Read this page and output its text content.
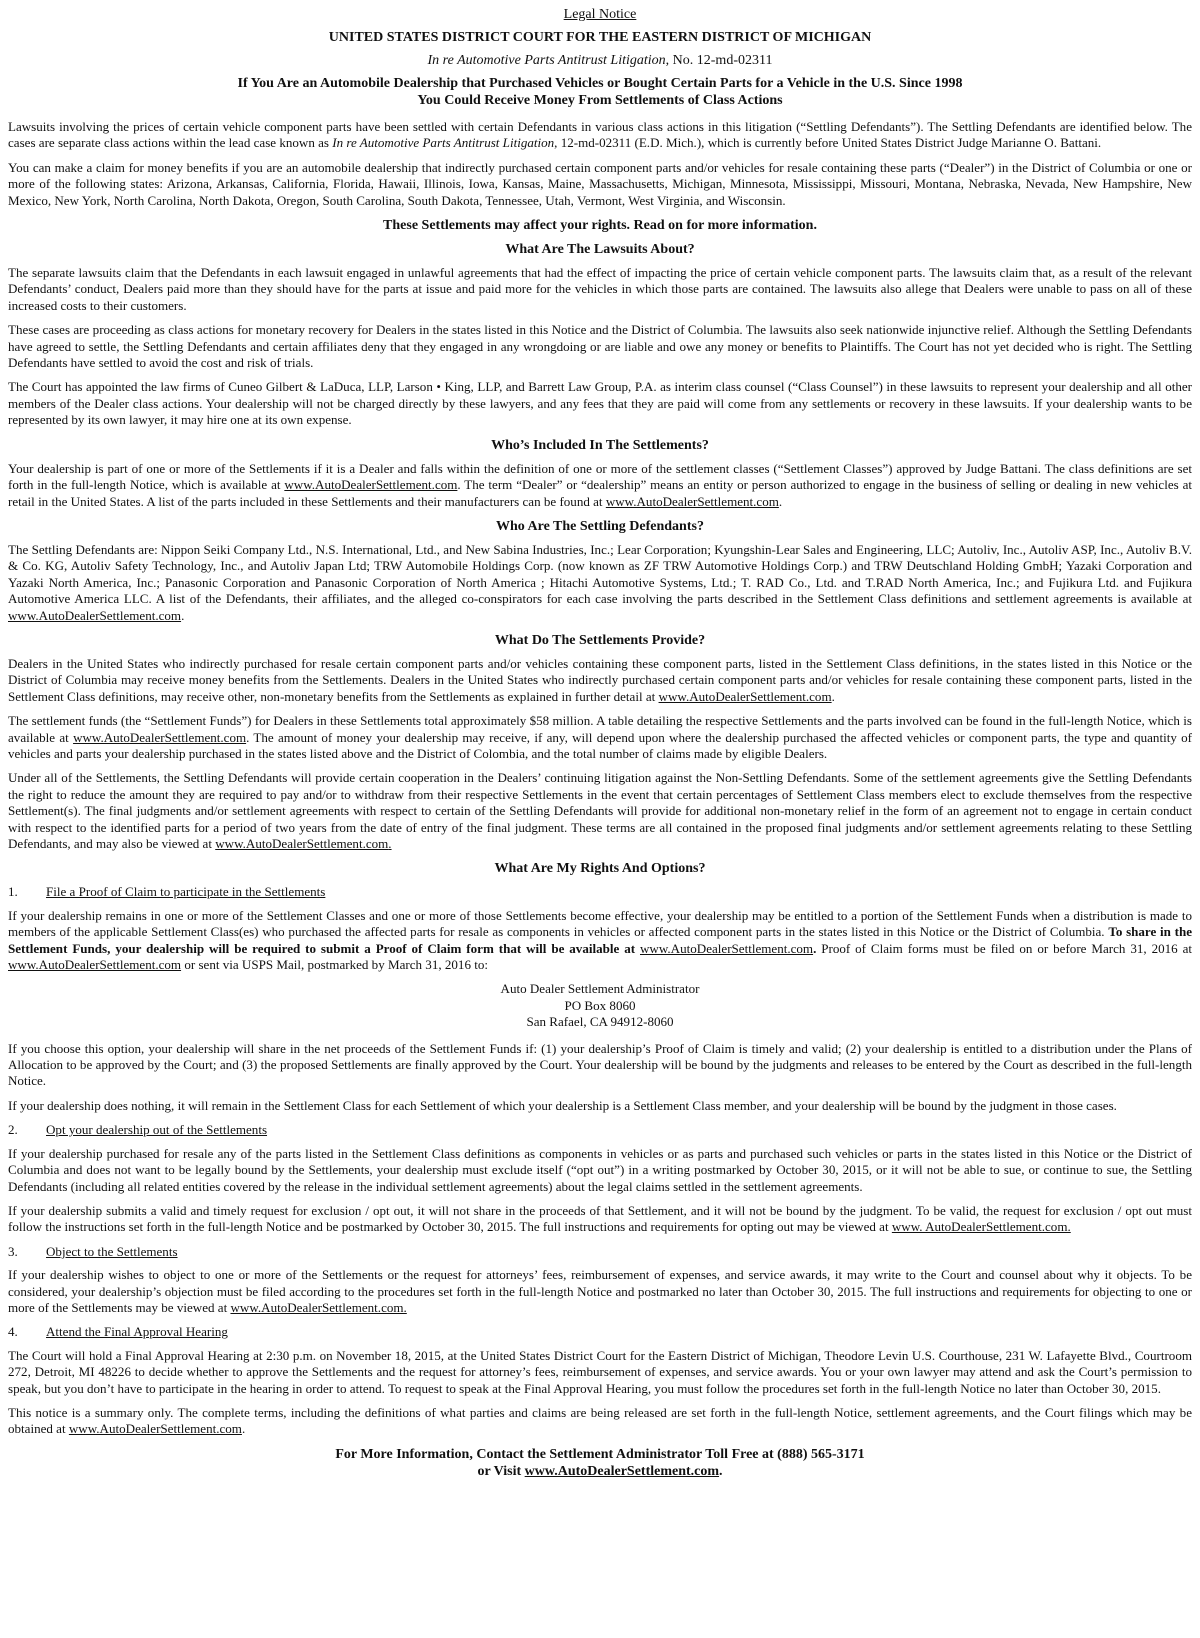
Legal Notice
UNITED STATES DISTRICT COURT FOR THE EASTERN DISTRICT OF MICHIGAN
In re Automotive Parts Antitrust Litigation, No. 12-md-02311
If You Are an Automobile Dealership that Purchased Vehicles or Bought Certain Parts for a Vehicle in the U.S. Since 1998
You Could Receive Money From Settlements of Class Actions

Lawsuits involving the prices of certain vehicle component parts have been settled with certain Defendants in various class actions in this litigation (“Settling Defendants”). The Settling Defendants are identified below. The cases are separate class actions within the lead case known as In re Automotive Parts Antitrust Litigation, 12-md-02311 (E.D. Mich.), which is currently before United States District Judge Marianne O. Battani.

You can make a claim for money benefits if you are an automobile dealership that indirectly purchased certain component parts and/or vehicles for resale containing these parts (“Dealer”) in the District of Columbia or one or more of the following states: Arizona, Arkansas, California, Florida, Hawaii, Illinois, Iowa, Kansas, Maine, Massachusetts, Michigan, Minnesota, Mississippi, Missouri, Montana, Nebraska, Nevada, New Hampshire, New Mexico, New York, North Carolina, North Dakota, Oregon, South Carolina, South Dakota, Tennessee, Utah, Vermont, West Virginia, and Wisconsin.

These Settlements may affect your rights. Read on for more information.
What Are The Lawsuits About?

The separate lawsuits claim that the Defendants in each lawsuit engaged in unlawful agreements that had the effect of impacting the price of certain vehicle component parts. The lawsuits claim that, as a result of the relevant Defendants’ conduct, Dealers paid more than they should have for the parts at issue and paid more for the vehicles in which those parts are contained. The lawsuits also allege that Dealers were unable to pass on all of these increased costs to their customers.

These cases are proceeding as class actions for monetary recovery for Dealers in the states listed in this Notice and the District of Columbia. The lawsuits also seek nationwide injunctive relief. Although the Settling Defendants have agreed to settle, the Settling Defendants and certain affiliates deny that they engaged in any wrongdoing or are liable and owe any money or benefits to Plaintiffs. The Court has not yet decided who is right. The Settling Defendants have settled to avoid the cost and risk of trials.

The Court has appointed the law firms of Cuneo Gilbert & LaDuca, LLP, Larson • King, LLP, and Barrett Law Group, P.A. as interim class counsel (“Class Counsel”) in these lawsuits to represent your dealership and all other members of the Dealer class actions. Your dealership will not be charged directly by these lawyers, and any fees that they are paid will come from any settlements or recovery in these lawsuits. If your dealership wants to be represented by its own lawyer, it may hire one at its own expense.

Who’s Included In The Settlements?

Your dealership is part of one or more of the Settlements if it is a Dealer and falls within the definition of one or more of the settlement classes (“Settlement Classes”) approved by Judge Battani. The class definitions are set forth in the full-length Notice, which is available at www.AutoDealerSettlement.com. The term “Dealer” or “dealership” means an entity or person authorized to engage in the business of selling or dealing in new vehicles at retail in the United States. A list of the parts included in these Settlements and their manufacturers can be found at www.AutoDealerSettlement.com.

Who Are The Settling Defendants?

The Settling Defendants are: Nippon Seiki Company Ltd., N.S. International, Ltd., and New Sabina Industries, Inc.; Lear Corporation; Kyungshin-Lear Sales and Engineering, LLC; Autoliv, Inc., Autoliv ASP, Inc., Autoliv B.V. & Co. KG, Autoliv Safety Technology, Inc., and Autoliv Japan Ltd; TRW Automobile Holdings Corp. (now known as ZF TRW Automotive Holdings Corp.) and TRW Deutschland Holding GmbH; Yazaki Corporation and Yazaki North America, Inc.; Panasonic Corporation and Panasonic Corporation of North America ; Hitachi Automotive Systems, Ltd.; T. RAD Co., Ltd. and T.RAD North America, Inc.; and Fujikura Ltd. and Fujikura Automotive America LLC. A list of the Defendants, their affiliates, and the alleged co-conspirators for each case involving the parts described in the Settlement Class definitions and settlement agreements is available at www.AutoDealerSettlement.com.

What Do The Settlements Provide?

Dealers in the United States who indirectly purchased for resale certain component parts and/or vehicles containing these component parts, listed in the Settlement Class definitions, in the states listed in this Notice or the District of Columbia may receive money benefits from the Settlements. Dealers in the United States who indirectly purchased certain component parts and/or vehicles for resale containing these component parts, listed in the Settlement Class definitions, may receive other, non-monetary benefits from the Settlements as explained in further detail at www.AutoDealerSettlement.com.

The settlement funds (the “Settlement Funds”) for Dealers in these Settlements total approximately $58 million. A table detailing the respective Settlements and the parts involved can be found in the full-length Notice, which is available at www.AutoDealerSettlement.com. The amount of money your dealership may receive, if any, will depend upon where the dealership purchased the affected vehicles or component parts, the type and quantity of vehicles and parts your dealership purchased in the states listed above and the District of Colombia, and the total number of claims made by eligible Dealers.

Under all of the Settlements, the Settling Defendants will provide certain cooperation in the Dealers’ continuing litigation against the Non-Settling Defendants. Some of the settlement agreements give the Settling Defendants the right to reduce the amount they are required to pay and/or to withdraw from their respective Settlements in the event that certain percentages of Settlement Class members elect to exclude themselves from the respective Settlement(s). The final judgments and/or settlement agreements with respect to certain of the Settling Defendants will provide for additional non-monetary relief in the form of an agreement not to engage in certain conduct with respect to the identified parts for a period of two years from the date of entry of the final judgment. These terms are all contained in the proposed final judgments and/or settlement agreements relating to these Settling Defendants, and may also be viewed at www.AutoDealerSettlement.com.

What Are My Rights And Options?
1. File a Proof of Claim to participate in the Settlements

If your dealership remains in one or more of the Settlement Classes and one or more of those Settlements become effective, your dealership may be entitled to a portion of the Settlement Funds when a distribution is made to members of the applicable Settlement Class(es) who purchased the affected parts for resale as components in vehicles or affected component parts in the states listed in this Notice or the District of Columbia. To share in the Settlement Funds, your dealership will be required to submit a Proof of Claim form that will be available at www.AutoDealerSettlement.com. Proof of Claim forms must be filed on or before March 31, 2016 at www.AutoDealerSettlement.com or sent via USPS Mail, postmarked by March 31, 2016 to:

Auto Dealer Settlement Administrator
PO Box 8060
San Rafael, CA 94912-8060

If you choose this option, your dealership will share in the net proceeds of the Settlement Funds if: (1) your dealership’s Proof of Claim is timely and valid; (2) your dealership is entitled to a distribution under the Plans of Allocation to be approved by the Court; and (3) the proposed Settlements are finally approved by the Court. Your dealership will be bound by the judgments and releases to be entered by the Court as described in the full-length Notice.

If your dealership does nothing, it will remain in the Settlement Class for each Settlement of which your dealership is a Settlement Class member, and your dealership will be bound by the judgment in those cases.

2. Opt your dealership out of the Settlements

If your dealership purchased for resale any of the parts listed in the Settlement Class definitions as components in vehicles or as parts and purchased such vehicles or parts in the states listed in this Notice or the District of Columbia and does not want to be legally bound by the Settlements, your dealership must exclude itself (“opt out”) in a writing postmarked by October 30, 2015, or it will not be able to sue, or continue to sue, the Settling Defendants (including all related entities covered by the release in the individual settlement agreements) about the legal claims settled in the settlement agreements.

If your dealership submits a valid and timely request for exclusion / opt out, it will not share in the proceeds of that Settlement, and it will not be bound by the judgment. To be valid, the request for exclusion / opt out must follow the instructions set forth in the full-length Notice and be postmarked by October 30, 2015. The full instructions and requirements for opting out may be viewed at www. AutoDealerSettlement.com.

3. Object to the Settlements

If your dealership wishes to object to one or more of the Settlements or the request for attorneys’ fees, reimbursement of expenses, and service awards, it may write to the Court and counsel about why it objects. To be considered, your dealership’s objection must be filed according to the procedures set forth in the full-length Notice and postmarked no later than October 30, 2015. The full instructions and requirements for objecting to one or more of the Settlements may be viewed at www.AutoDealerSettlement.com.

4. Attend the Final Approval Hearing

The Court will hold a Final Approval Hearing at 2:30 p.m. on November 18, 2015, at the United States District Court for the Eastern District of Michigan, Theodore Levin U.S. Courthouse, 231 W. Lafayette Blvd., Courtroom 272, Detroit, MI 48226 to decide whether to approve the Settlements and the request for attorney’s fees, reimbursement of expenses, and service awards. You or your own lawyer may attend and ask the Court’s permission to speak, but you don’t have to participate in the hearing in order to attend. To request to speak at the Final Approval Hearing, you must follow the procedures set forth in the full-length Notice no later than October 30, 2015.

This notice is a summary only. The complete terms, including the definitions of what parties and claims are being released are set forth in the full-length Notice, settlement agreements, and the Court filings which may be obtained at www.AutoDealerSettlement.com.

For More Information, Contact the Settlement Administrator Toll Free at (888) 565-3171
or Visit www.AutoDealerSettlement.com.
